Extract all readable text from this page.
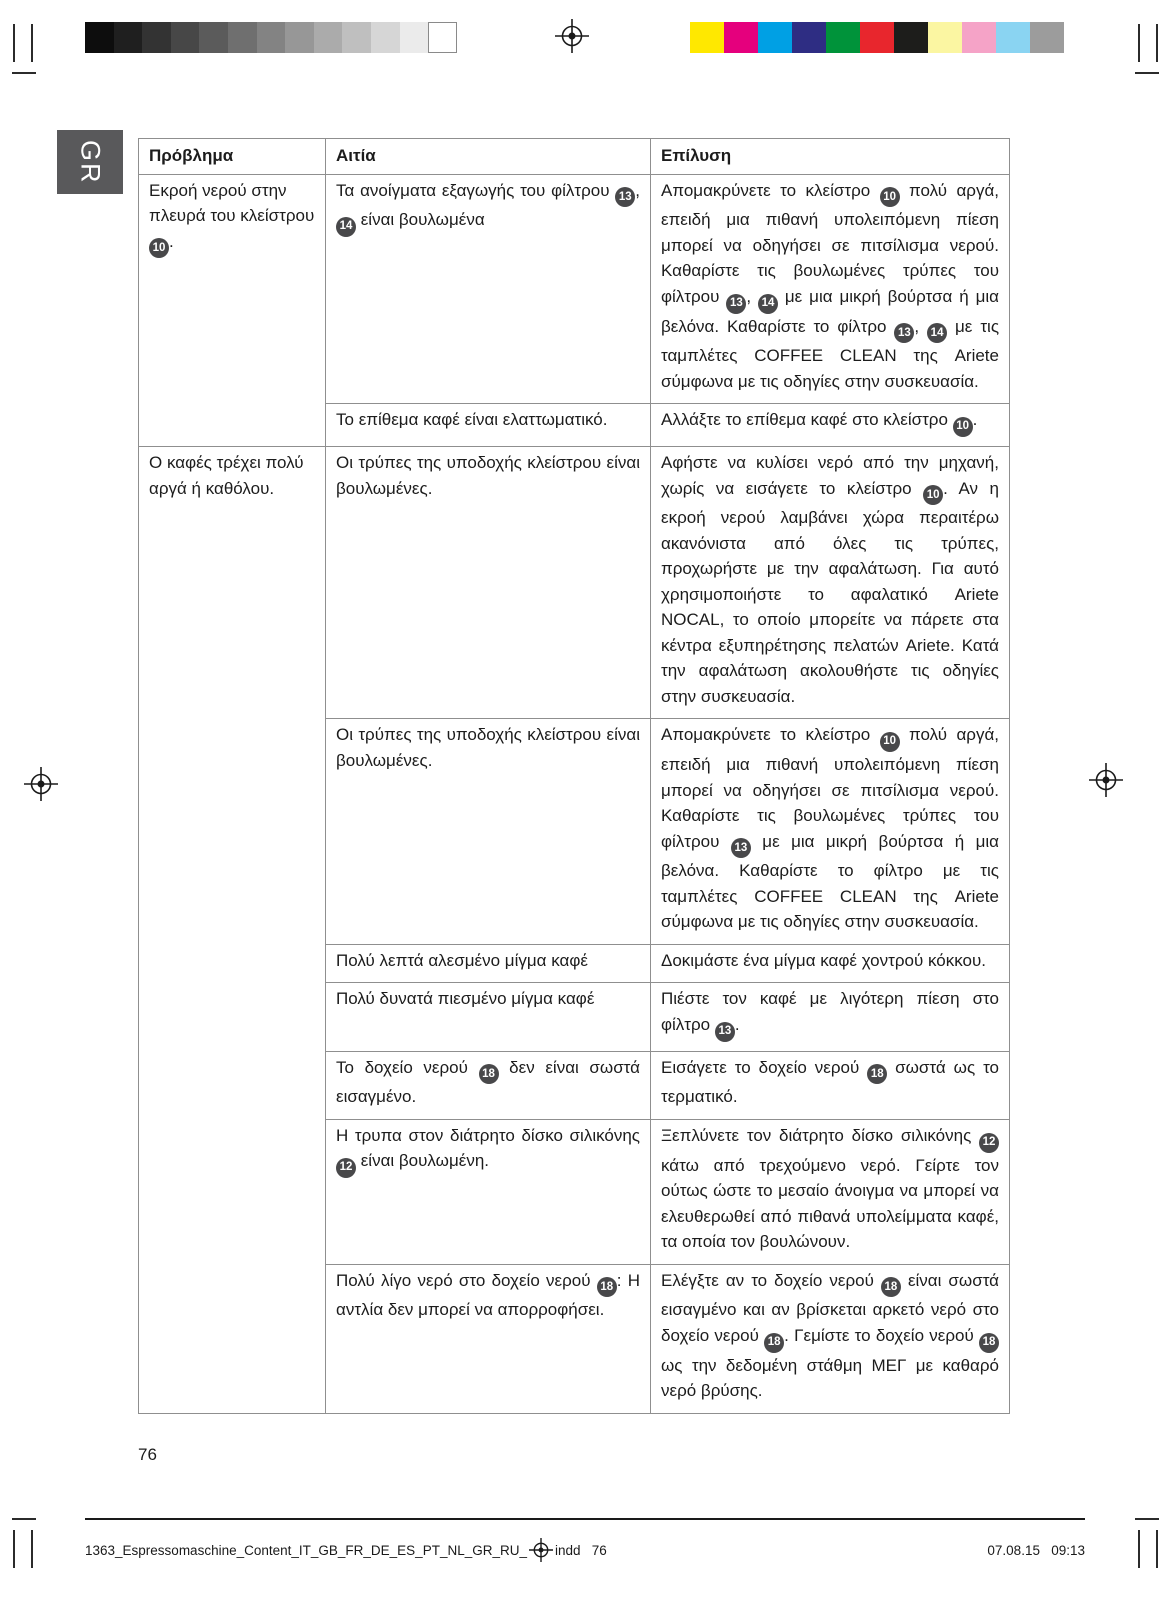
GR	Πρόβλημα	Αιτία	Επίλυση
Εκροή νερού στην πλευρά του κλείστρου 10 .	Τα ανοίγματα εξαγωγής του φίλτρου 13 , 14 είναι βουλωμένα	Απομακρύνετε το κλείστρο 10 πολύ αργά, επειδή μια πιθανή υπολειπόμενη πίεση μπορεί να οδηγήσει σε πιτσίλισμα νερού. Καθαρίστε τις βουλωμένες τρύπες του φίλτρου 13 , 14 με μια μικρή βούρτσα ή μια βελόνα. Καθαρίστε το φίλτρο 13 , 14 με τις ταμπλέτες COFFEE CLEAN της Ariete σύμφωνα με τις οδηγίες στην συσκευασία.
	Το επίθεμα καφέ είναι ελαττωματικό.	Αλλάξτε το επίθεμα καφέ στο κλείστρο 10 .
Ο καφές τρέχει πολύ αργά ή καθόλου.	Οι τρύπες της υποδοχής κλείστρου είναι βουλωμένες.	Αφήστε να κυλίσει νερό από την μηχανή, χωρίς να εισάγετε το κλείστρο 10 . Αν η εκροή νερού λαμβάνει χώρα περαιτέρω ακανόνιστα από όλες τις τρύπες, προχωρήστε με την αφαλάτωση. Για αυτό χρησιμοποιήστε το αφαλατικό Ariete NOCAL, το οποίο μπορείτε να πάρετε στα κέντρα εξυπηρέτησης πελατών Ariete. Κατά την αφαλάτωση ακολουθήστε τις οδηγίες στην συσκευασία.
	Οι τρύπες της υποδοχής κλείστρου είναι βουλωμένες.	Απομακρύνετε το κλείστρο 10 πολύ αργά, επειδή μια πιθανή υπολειπόμενη πίεση μπορεί να οδηγήσει σε πιτσίλισμα νερού. Καθαρίστε τις βουλωμένες τρύπες του φίλτρου 13 με μια μικρή βούρτσα ή μια βελόνα. Καθαρίστε το φίλτρο με τις ταμπλέτες COFFEE CLEAN της Ariete σύμφωνα με τις οδηγίες στην συσκευασία.
	Πολύ λεπτά αλεσμένο μίγμα καφέ	Δοκιμάστε ένα μίγμα καφέ χοντρού κόκκου.
	Πολύ δυνατά πιεσμένο μίγμα καφέ	Πιέστε τον καφέ με λιγότερη πίεση στο φίλτρο 13 .
	Το δοχείο νερού 18 δεν είναι σωστά εισαγμένο.	Εισάγετε το δοχείο νερού 18 σωστά ως το τερματικό.
	Η τρυπα στον διάτρητο δίσκο σιλικόνης 12 είναι βουλωμένη.	Ξεπλύνετε τον διάτρητο δίσκο σιλικόνης 12 κάτω από τρεχούμενο νερό. Γείρτε τον ούτως ώστε το μεσαίο άνοιγμα να μπορεί να ελευθερωθεί από πιθανά υπολείμματα καφέ, τα οποία τον βουλώνουν.
	Πολύ λίγο νερό στο δοχείο νερού 18 : Η αντλία δεν μπορεί να απορροφήσει.	Ελέγξτε αν το δοχείο νερού 18 είναι σωστά εισαγμένο και αν βρίσκεται αρκετό νερό στο δοχείο νερού 18 . Γεμίστε το δοχείο νερού 18 ως την δεδομένη στάθμη ΜΕΓ με καθαρό νερό βρύσης.
76
1363_Espressomaschine_Content_IT_GB_FR_DE_ES_PT_NL_GR_RU_ indd   76	07.08.15   09:13
